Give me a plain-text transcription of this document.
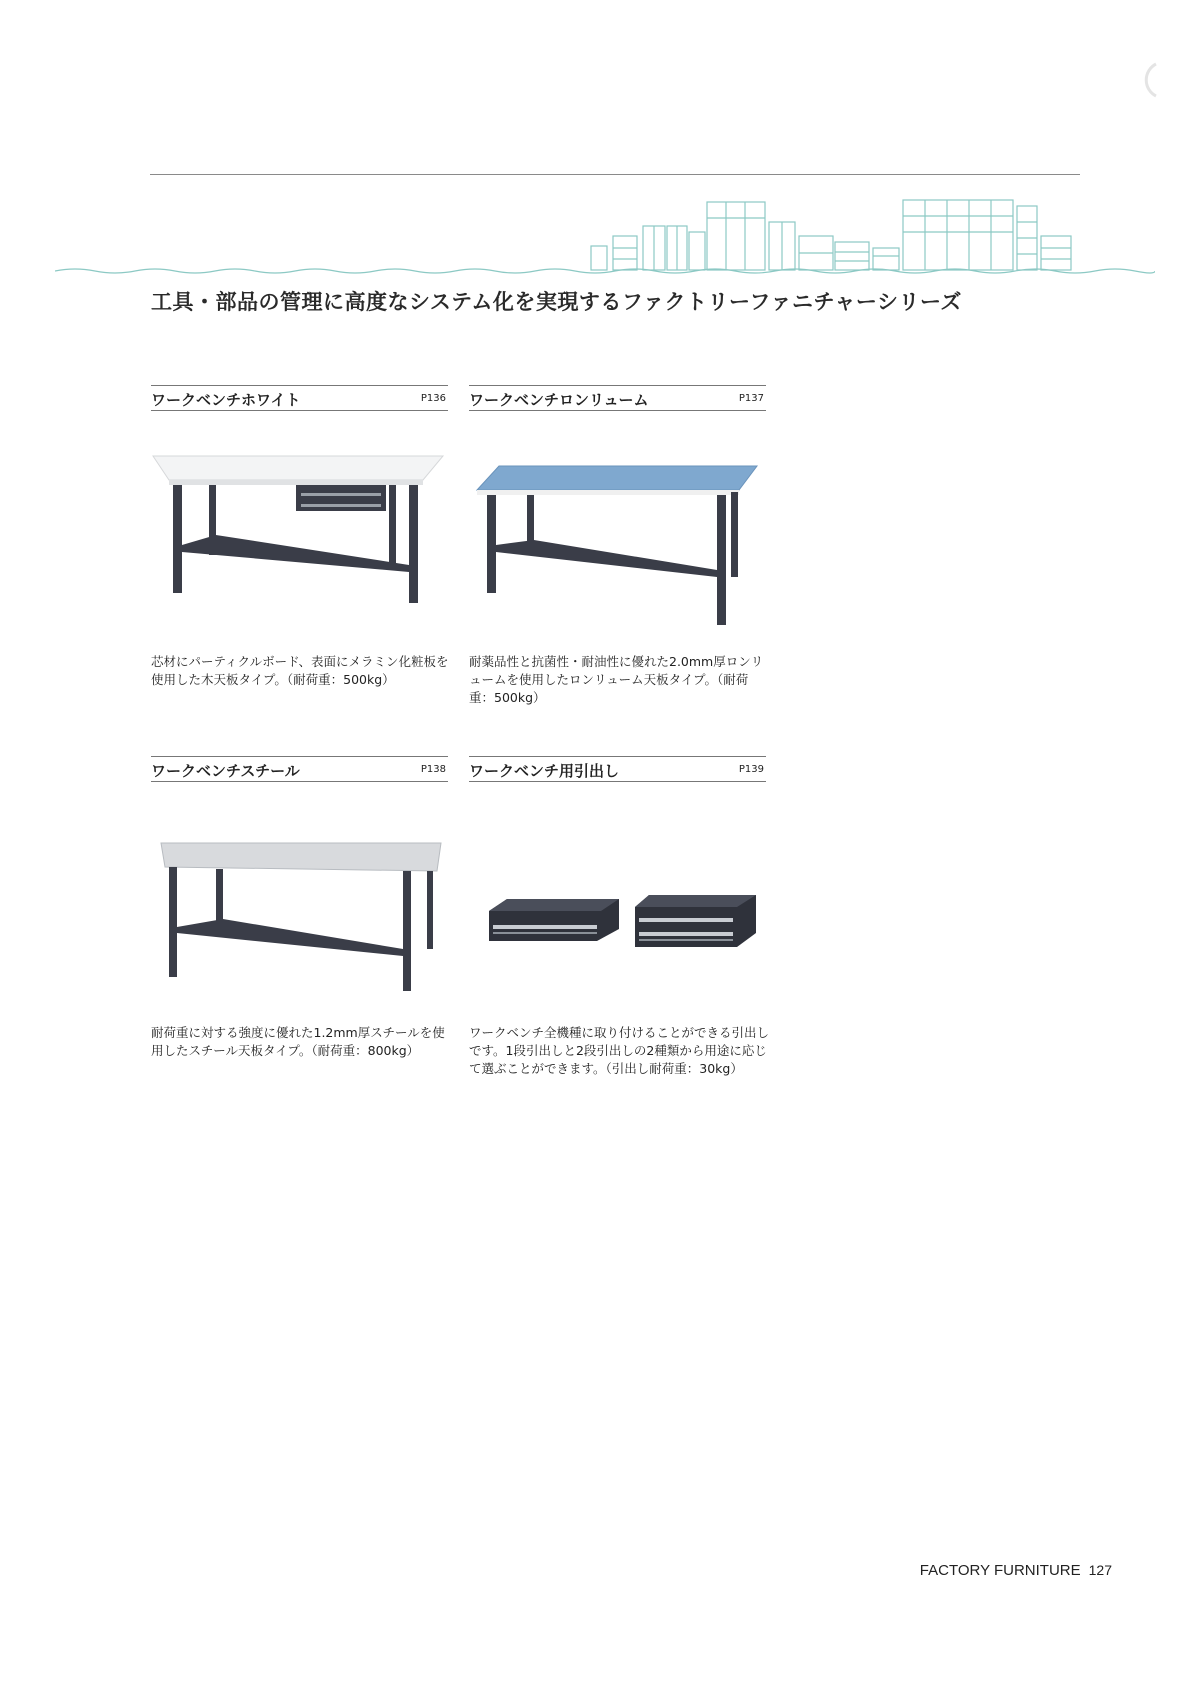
工具・部品の管理に高度なシステム化を実現するファクトリーファニチャーシリーズ
ワークベンチホワイト	P136
芯材にパーティクルボード、表面にメラミン化粧板を使用した木天板タイプ。（耐荷重：500kg）
ワークベンチロンリューム	P137
耐薬品性と抗菌性・耐油性に優れた2.0mm厚ロンリュームを使用したロンリューム天板タイプ。（耐荷重：500kg）
ワークベンチスチール	P138
耐荷重に対する強度に優れた1.2mm厚スチールを使用したスチール天板タイプ。（耐荷重：800kg）
ワークベンチ用引出し	P139
ワークベンチ全機種に取り付けることができる引出しです。1段引出しと2段引出しの2種類から用途に応じて選ぶことができます。（引出し耐荷重：30kg）
FACTORY FURNITURE 127
